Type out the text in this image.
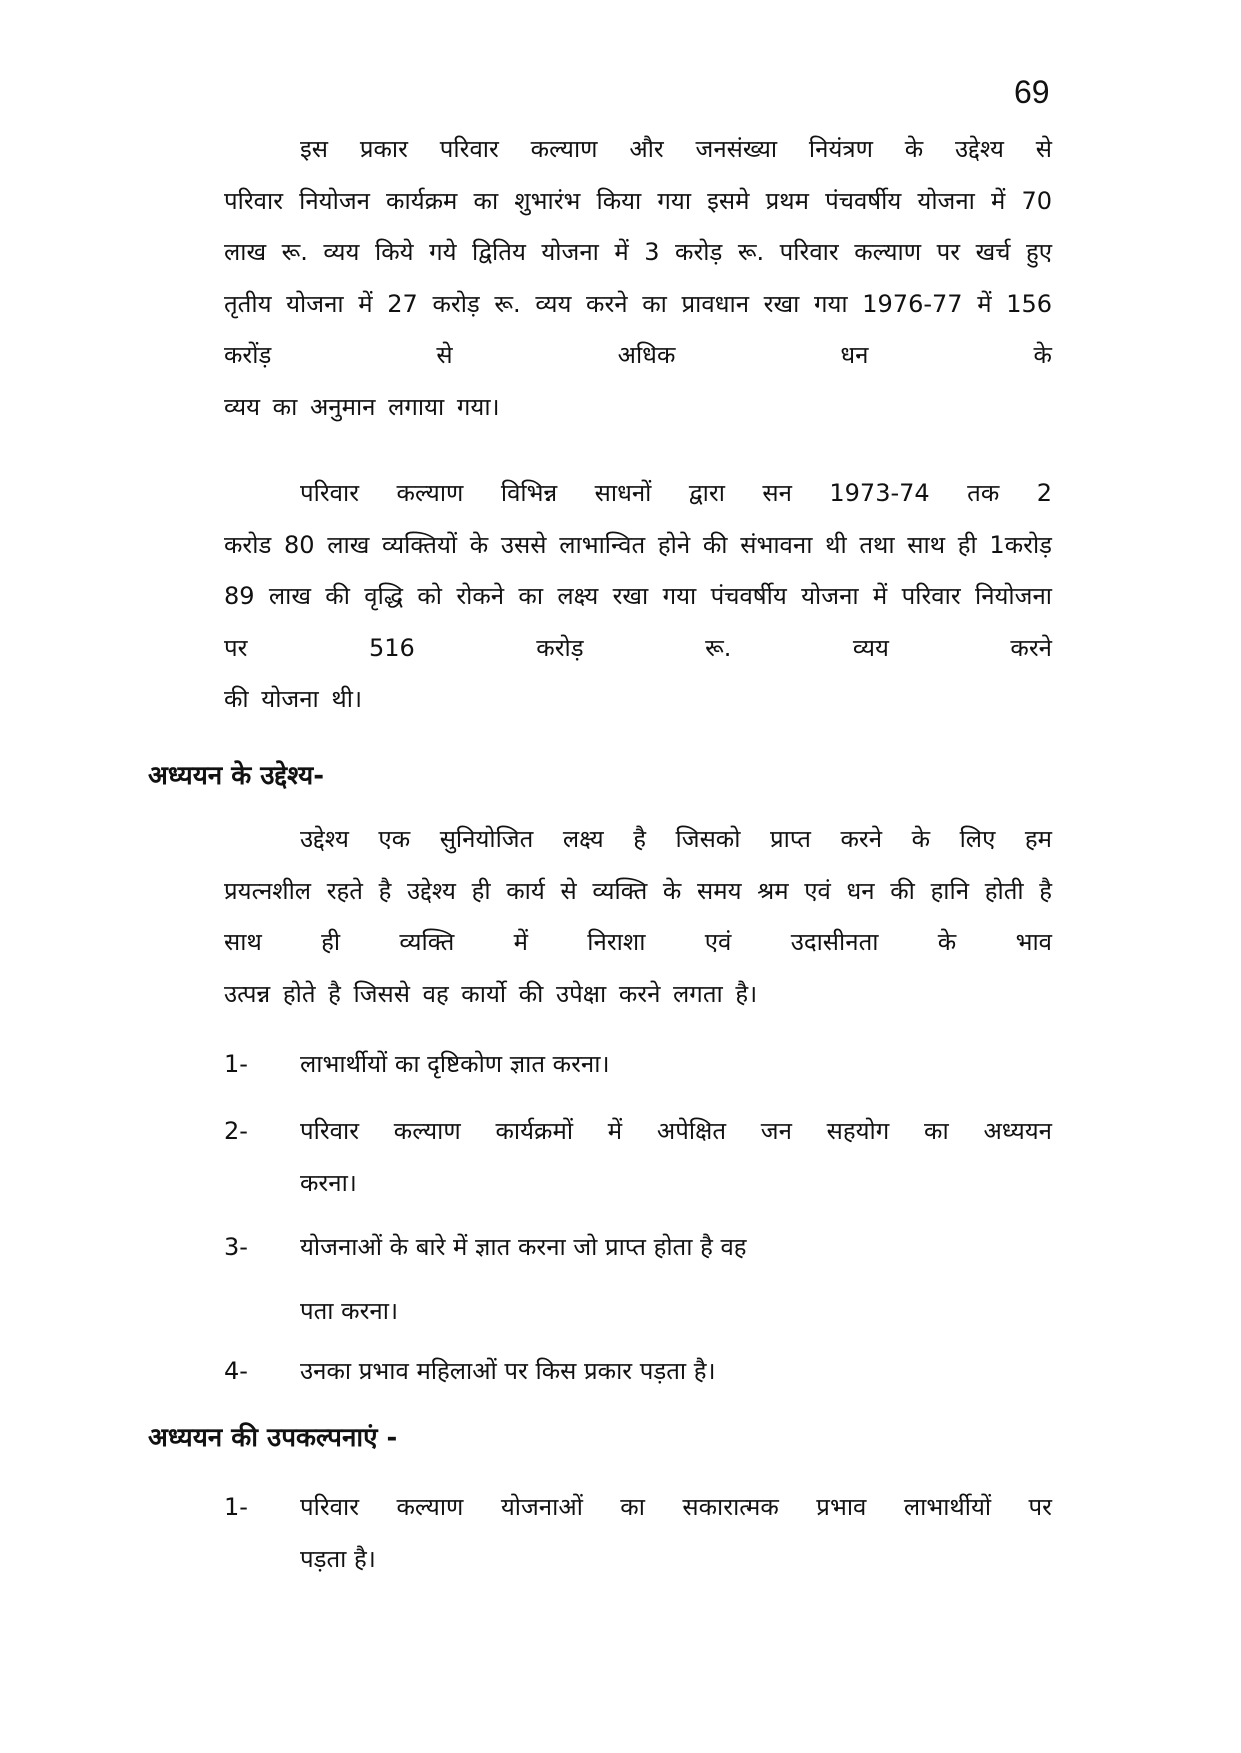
69

इस प्रकार परिवार कल्याण और जनसंख्या नियंत्रण के उद्देश्य से
परिवार नियोजन कार्यक्रम का शुभारंभ किया गया इसमे प्रथम पंचवर्षीय योजना में 70 लाख रू. व्यय किये गये द्वितिय योजना में 3 करोड़ रू. परिवार कल्याण पर खर्च हुए तृतीय योजना में 27 करोड़ रू. व्यय करने का प्रावधान रखा गया 1976-77 में 156 करोंड़ से अधिक धन के
व्यय का अनुमान लगाया गया।

परिवार कल्याण विभिन्न साधनों द्वारा सन 1973-74 तक 2
करोड 80 लाख व्यक्तियों के उससे लाभान्वित होने की संभावना थी तथा साथ ही 1करोड़ 89 लाख की वृद्धि को रोकने का लक्ष्य रखा गया पंचवर्षीय योजना में परिवार नियोजना पर 516 करोड़ रू. व्यय करने
की योजना थी।

अध्ययन के उद्देश्य-

उद्देश्य एक सुनियोजित लक्ष्य है जिसको प्राप्त करने के लिए हम
प्रयत्नशील रहते है उद्देश्य ही कार्य से व्यक्ति के समय श्रम एवं धन की हानि होती है साथ ही व्यक्ति में निराशा एवं उदासीनता के भाव
उत्पन्न होते है जिससे वह कार्यो की उपेक्षा करने लगता है।

1-	लाभार्थीयों का दृष्टिकोण ज्ञात करना।
2-	परिवार कल्याण कार्यक्रमों में अपेक्षित जन सहयोग का अध्ययन
करना।
3-	योजनाओं के बारे में ज्ञात करना जो प्राप्त होता है वह
पता करना।
4-	उनका प्रभाव महिलाओं पर किस प्रकार पड़ता है।
अध्ययन की उपकल्पनाएं -
1-	परिवार कल्याण योजनाओं का सकारात्मक प्रभाव लाभार्थीयों पर
पड़ता है।
